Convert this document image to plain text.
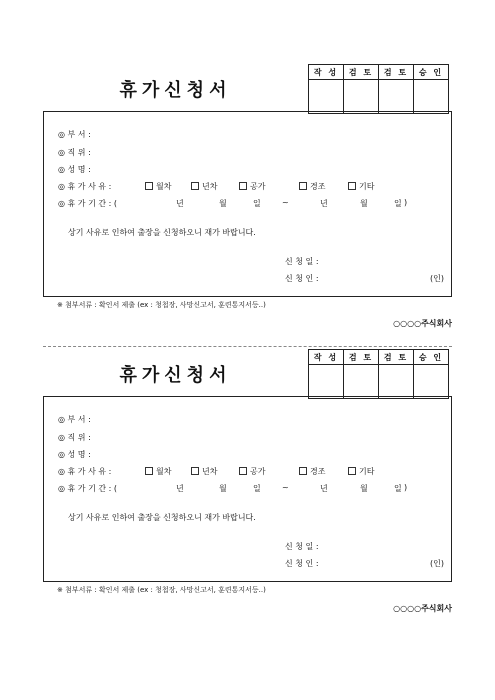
휴가신청서
작 성	검 토	검 토	승 인

◎ 부 서 :
◎ 직 위 :
◎ 성 명 :
◎ 휴 가 사 유 :	월차	년차	공가	경조	기타
◎ 휴 가 기 간 : (	년	월	일	~	년	월	일 )
상기 사유로 인하여 출장을 신청하오니 재가 바랍니다.
신 청 일 :
신 청 인 :	(인)
※ 첨부서류 : 확인서 제출 (ex : 청첩장, 사망신고서, 훈련통지서등..)
○○○○주식회사
휴가신청서
작 성	검 토	검 토	승 인

◎ 부 서 :
◎ 직 위 :
◎ 성 명 :
◎ 휴 가 사 유 :	월차	년차	공가	경조	기타
◎ 휴 가 기 간 : (	년	월	일	~	년	월	일 )
상기 사유로 인하여 출장을 신청하오니 재가 바랍니다.
신 청 일 :
신 청 인 :	(인)
※ 첨부서류 : 확인서 제출 (ex : 청첩장, 사망신고서, 훈련통지서등..)
○○○○주식회사
